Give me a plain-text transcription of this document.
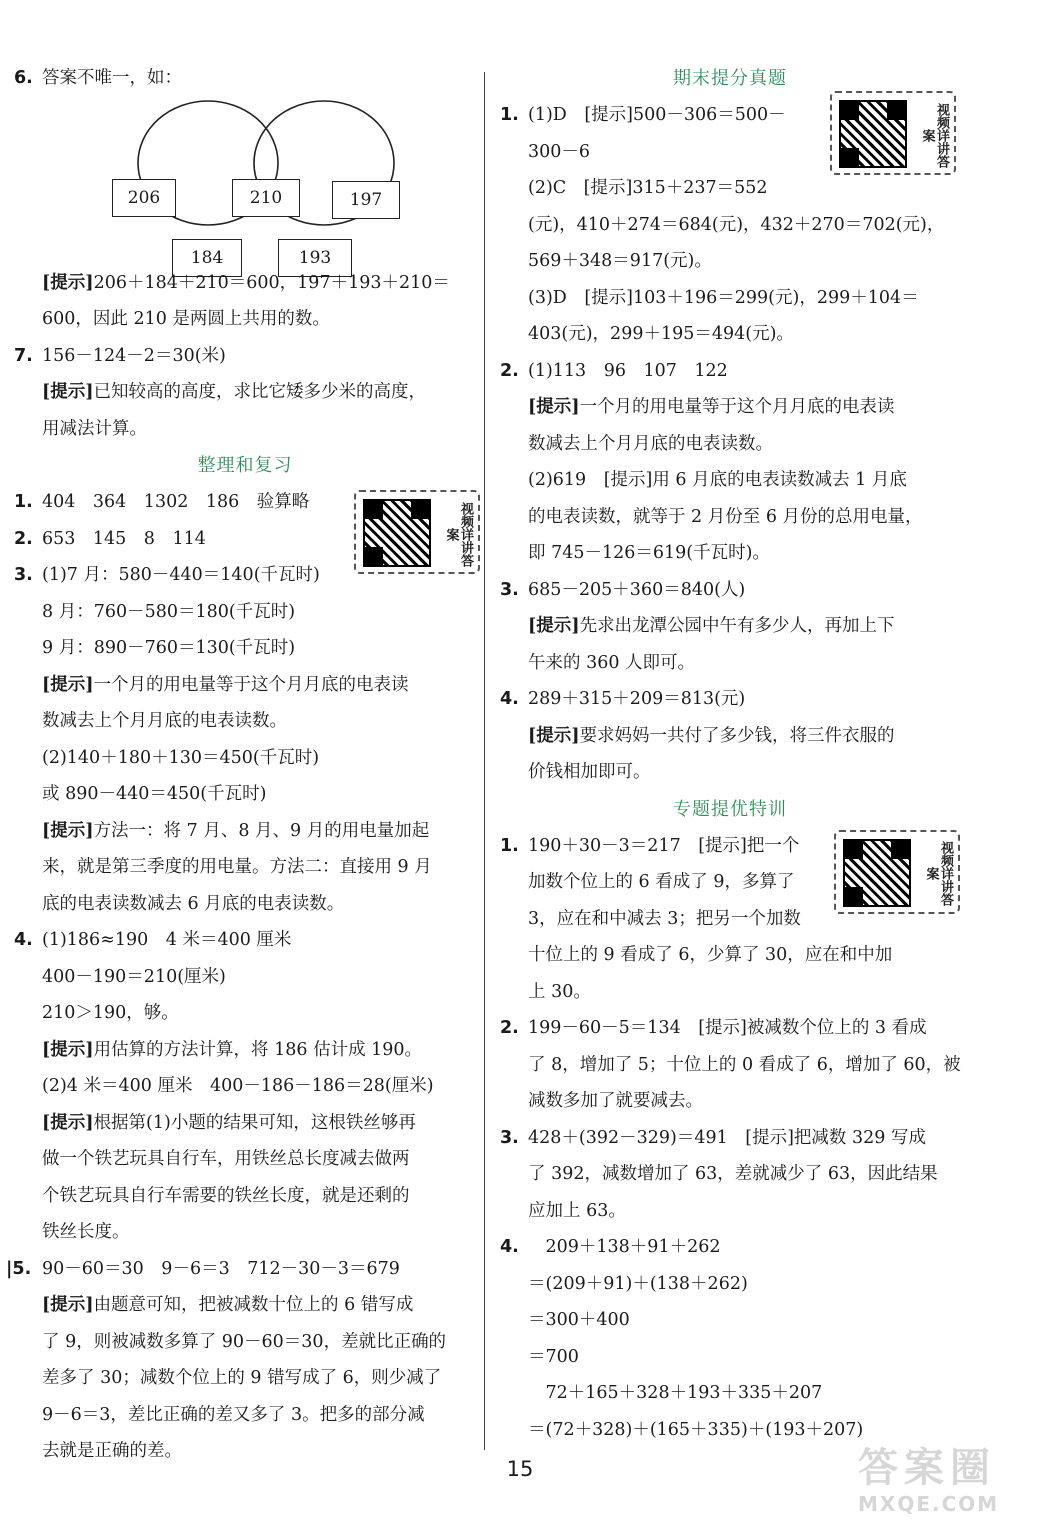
6. 答案不唯一，如：
206	210	197
184	193
[提示]206＋184＋210＝600，197＋193＋210＝
600，因此 210 是两圆上共用的数。
7. 156－124－2＝30(米)
[提示]已知较高的高度，求比它矮多少米的高度，
用减法计算。
整理和复习
视频详讲答案
1. 404　364　1302　186　验算略
2. 653　145　8　114
3. (1)7 月：580－440＝140(千瓦时)
8 月：760－580＝180(千瓦时)
9 月：890－760＝130(千瓦时)
[提示]一个月的用电量等于这个月月底的电表读
数减去上个月月底的电表读数。
(2)140＋180＋130＝450(千瓦时)
或 890－440＝450(千瓦时)
[提示]方法一：将 7 月、8 月、9 月的用电量加起
来，就是第三季度的用电量。方法二：直接用 9 月
底的电表读数减去 6 月底的电表读数。
4. (1)186≈190　4 米＝400 厘米
400－190＝210(厘米)
210＞190，够。
[提示]用估算的方法计算，将 186 估计成 190。
(2)4 米＝400 厘米　400－186－186＝28(厘米)
[提示]根据第(1)小题的结果可知，这根铁丝够再
做一个铁艺玩具自行车，用铁丝总长度减去做两
个铁艺玩具自行车需要的铁丝长度，就是还剩的
铁丝长度。
|5. 90－60＝30　9－6＝3　712－30－3＝679
[提示]由题意可知，把被减数十位上的 6 错写成
了 9，则被减数多算了 90－60＝30，差就比正确的
差多了 30；减数个位上的 9 错写成了 6，则少减了
9－6＝3，差比正确的差又多了 3。把多的部分减
去就是正确的差。
期末提分真题
视频详讲答案
1. (1)D　[提示]500－306＝500－
300－6
(2)C　[提示]315＋237＝552
(元)，410＋274＝684(元)，432＋270＝702(元)，
569＋348＝917(元)。
(3)D　[提示]103＋196＝299(元)，299＋104＝
403(元)，299＋195＝494(元)。
2. (1)113　96　107　122
[提示]一个月的用电量等于这个月月底的电表读
数减去上个月月底的电表读数。
(2)619　[提示]用 6 月底的电表读数减去 1 月底
的电表读数，就等于 2 月份至 6 月份的总用电量，
即 745－126＝619(千瓦时)。
3. 685－205＋360＝840(人)
[提示]先求出龙潭公园中午有多少人，再加上下
午来的 360 人即可。
4. 289＋315＋209＝813(元)
[提示]要求妈妈一共付了多少钱，将三件衣服的
价钱相加即可。
专题提优特训
视频详讲答案
1. 190＋30－3＝217　[提示]把一个
加数个位上的 6 看成了 9，多算了
3，应在和中减去 3；把另一个加数
十位上的 9 看成了 6，少算了 30，应在和中加
上 30。
2. 199－60－5＝134　[提示]被减数个位上的 3 看成
了 8，增加了 5；十位上的 0 看成了 6，增加了 60，被
减数多加了就要减去。
3. 428＋(392－329)＝491　[提示]把减数 329 写成
了 392，减数增加了 63，差就减少了 63，因此结果
应加上 63。
4. 　209＋138＋91＋262
＝(209＋91)＋(138＋262)
＝300＋400
＝700
　72＋165＋328＋193＋335＋207
＝(72＋328)＋(165＋335)＋(193＋207)
15	答案圈
MXQE.COM
